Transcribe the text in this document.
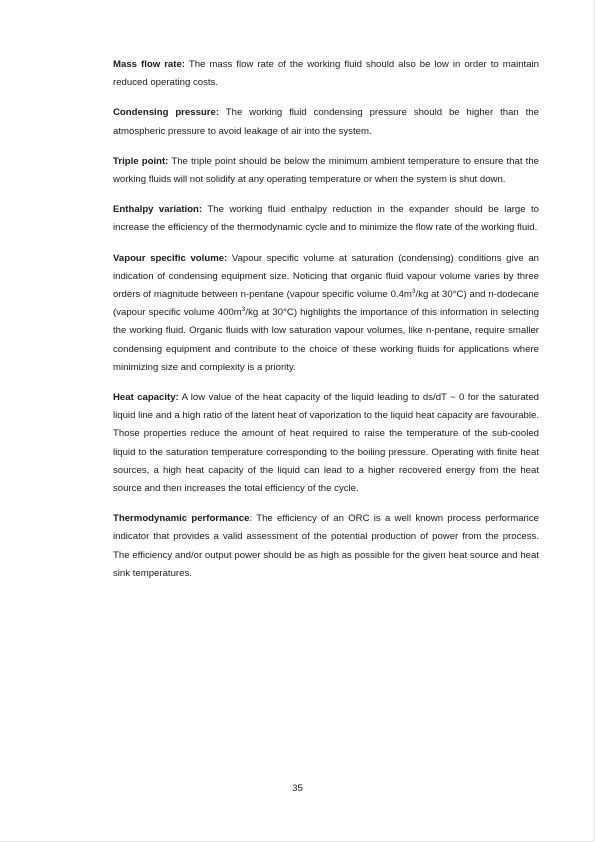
Mass flow rate: The mass flow rate of the working fluid should also be low in order to maintain reduced operating costs.

Condensing pressure: The working fluid condensing pressure should be higher than the atmospheric pressure to avoid leakage of air into the system.

Triple point: The triple point should be below the minimum ambient temperature to ensure that the working fluids will not solidify at any operating temperature or when the system is shut down.

Enthalpy variation: The working fluid enthalpy reduction in the expander should be large to increase the efficiency of the thermodynamic cycle and to minimize the flow rate of the working fluid.

Vapour specific volume: Vapour specific volume at saturation (condensing) conditions give an indication of condensing equipment size. Noticing that organic fluid vapour volume varies by three orders of magnitude between n-pentane (vapour specific volume $0.4m^3/kg$ at 30°C) and n-dodecane (vapour specific volume $400m^3/kg$ at 30°C) highlights the importance of this information in selecting the working fluid. Organic fluids with low saturation vapour volumes, like n-pentane, require smaller condensing equipment and contribute to the choice of these working fluids for applications where minimizing size and complexity is a priority.

Heat capacity: A low value of the heat capacity of the liquid leading to ds/dT ~ 0 for the saturated liquid line and a high ratio of the latent heat of vaporization to the liquid heat capacity are favourable. Those properties reduce the amount of heat required to raise the temperature of the sub-cooled liquid to the saturation temperature corresponding to the boiling pressure. Operating with finite heat sources, a high heat capacity of the liquid can lead to a higher recovered energy from the heat source and then increases the total efficiency of the cycle.

Thermodynamic performance: The efficiency of an ORC is a well known process performance indicator that provides a valid assessment of the potential production of power from the process. The efficiency and/or output power should be as high as possible for the given heat source and heat sink temperatures.

35
